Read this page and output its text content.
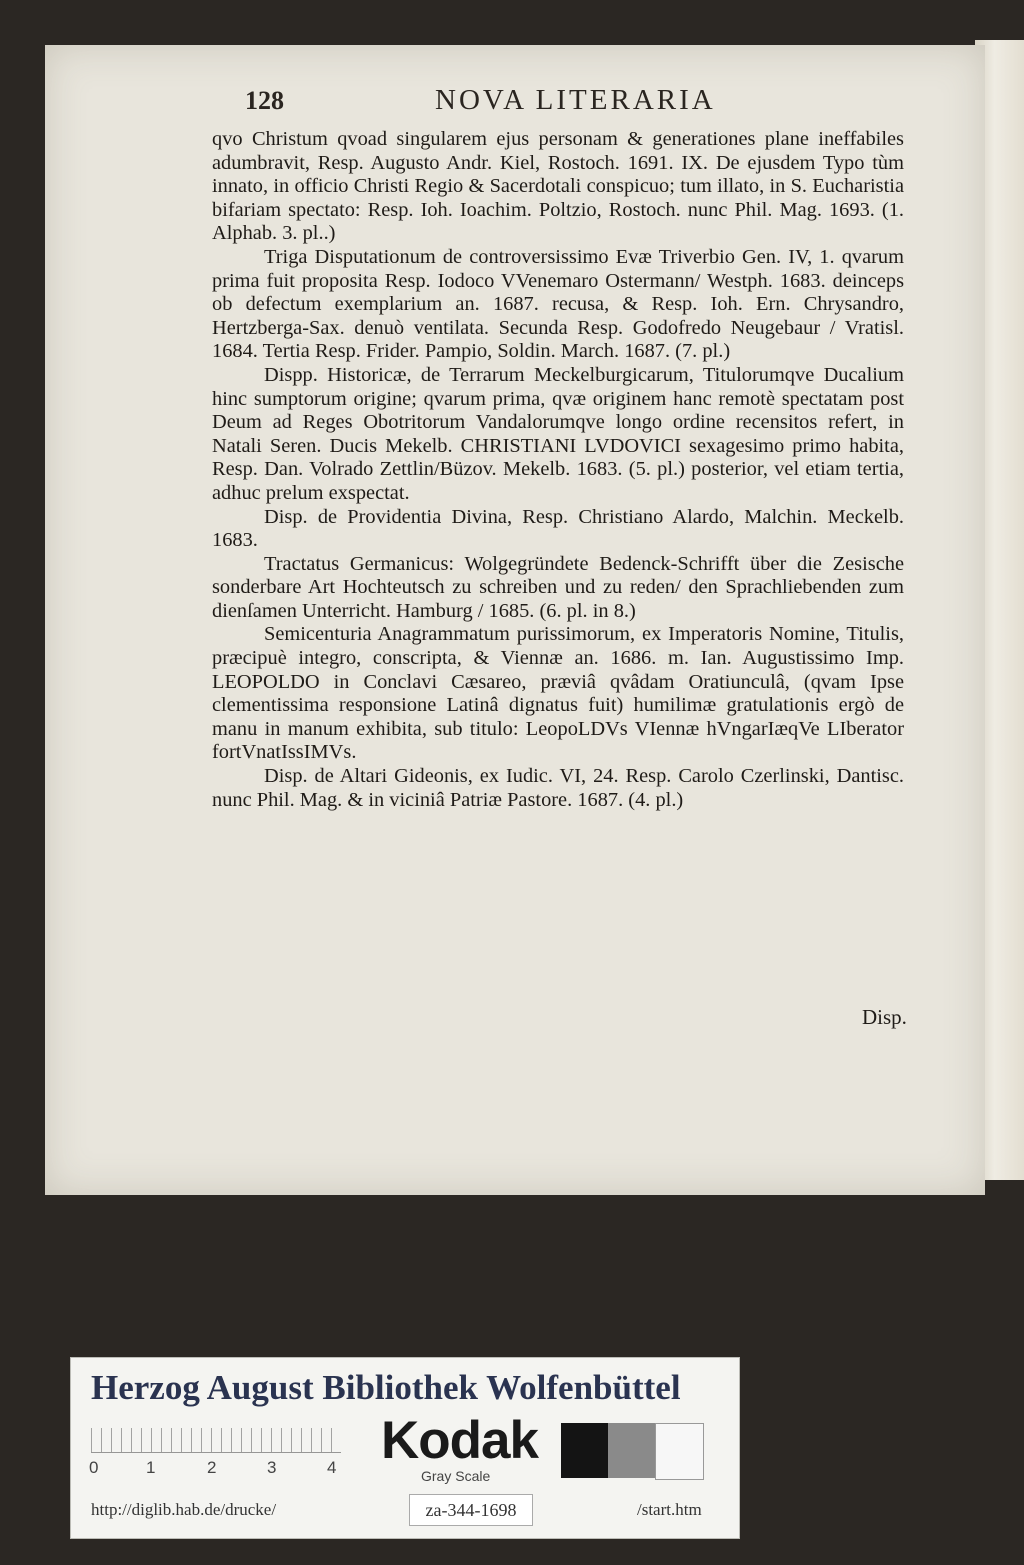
128	NOVA LITERARIA

qvo Christum qvoad singularem ejus personam & generationes plane ineffabiles adumbravit, Resp. Augusto Andr. Kiel, Rostoch. 1691. IX. De ejusdem Typo tùm innato, in officio Christi Regio & Sacerdotali conspicuo; tum illato, in S. Eucharistia bifariam spectato: Resp. Ioh. Ioachim. Poltzio, Rostoch. nunc Phil. Mag. 1693. (1. Alphab. 3. pl..)

Triga Disputationum de controversissimo Evæ Triverbio Gen. IV, 1. qvarum prima fuit proposita Resp. Iodoco VVenemaro Ostermann/ Westph. 1683. deinceps ob defectum exemplarium an. 1687. recusa, & Resp. Ioh. Ern. Chrysandro, Hertzberga-Sax. denuò ventilata. Secunda Resp. Godofredo Neugebaur / Vratisl. 1684. Tertia Resp. Frider. Pampio, Soldin. March. 1687. (7. pl.)

Dispp. Historicæ, de Terrarum Meckelburgicarum, Titulorumqve Ducalium hinc sumptorum origine; qvarum prima, qvæ originem hanc remotè spectatam post Deum ad Reges Obotritorum Vandalorumqve longo ordine recensitos refert, in Natali Seren. Ducis Mekelb. CHRISTIANI LVDOVICI sexagesimo primo habita, Resp. Dan. Volrado Zettlin/Büzov. Mekelb. 1683. (5. pl.) posterior, vel etiam tertia, adhuc prelum exspectat.

Disp. de Providentia Divina, Resp. Christiano Alardo, Malchin. Meckelb. 1683.

Tractatus Germanicus: Wolgegründete Bedenck-Schrifft über die Zesische sonderbare Art Hochteutsch zu schreiben und zu reden/ den Sprachliebenden zum dienſamen Unterricht. Hamburg / 1685. (6. pl. in 8.)

Semicenturia Anagrammatum purissimorum, ex Imperatoris Nomine, Titulis, præcipuè integro, conscripta, & Viennæ an. 1686. m. Ian. Augustissimo Imp. LEOPOLDO in Conclavi Cæsareo, præviâ qvâdam Oratiunculâ, (qvam Ipse clementissima responsione Latinâ dignatus fuit) humilimæ gratulationis ergò de manu in manum exhibita, sub titulo: LeopoLDVs VIennæ hVngarIæqVe LIberator fortVnatIssIMVs.

Disp. de Altari Gideonis, ex Iudic. VI, 24. Resp. Carolo Czerlinski, Dantisc. nunc Phil. Mag. & in viciniâ Patriæ Pastore. 1687. (4. pl.)

Disp.
Herzog August Bibliothek Wolfenbüttel
0	1	2	3	4 Kodak
Gray Scale
http://diglib.hab.de/drucke/	za-344-1698	/start.htm
